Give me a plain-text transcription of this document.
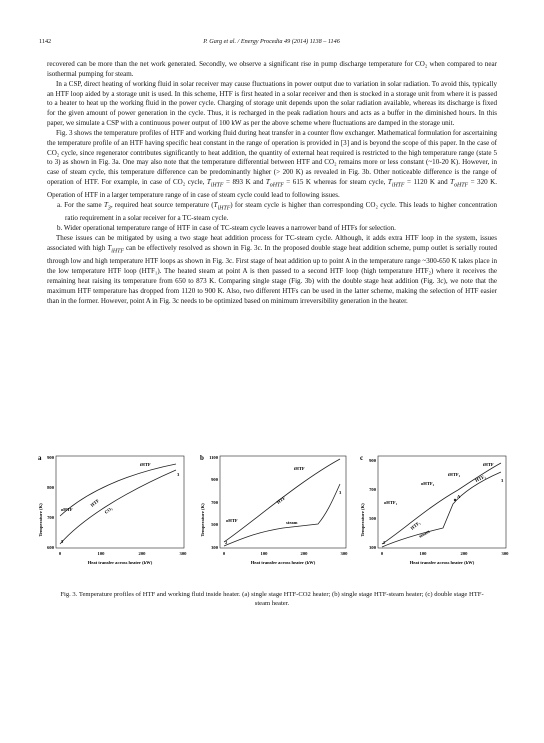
1142	P. Garg et al. / Energy Procedia 49 (2014) 1138 – 1146

recovered can be more than the net work generated. Secondly, we observe a significant rise in pump discharge temperature for CO₂ when compared to near isothermal pumping for steam.

In a CSP, direct heating of working fluid in solar receiver may cause fluctuations in power output due to variation in solar radiation. To avoid this, typically an HTF loop aided by a storage unit is used. In this scheme, HTF is first heated in a solar receiver and then is stocked in a storage unit from where it is passed to a heater to heat up the working fluid in the power cycle. Charging of storage unit depends upon the solar radiation available, whereas its discharge is fixed for the given amount of power generation in the cycle. Thus, it is recharged in the peak radiation hours and acts as a buffer in the diminished hours. In this paper, we simulate a CSP with a continuous power output of 100 kW as per the above scheme where fluctuations are damped in the storage unit.

Fig. 3 shows the temperature profiles of HTF and working fluid during heat transfer in a counter flow exchanger. Mathematical formulation for ascertaining the temperature profile of an HTF having specific heat constant in the range of operation is provided in [3] and is beyond the scope of this paper. In the case of CO₂ cycle, since regenerator contributes significantly to heat addition, the quantity of external heat required is restricted to the high temperature range (state 5 to 3) as shown in Fig. 3a. One may also note that the temperature differential between HTF and CO₂ remains more or less constant (~10-20 K). However, in case of steam cycle, this temperature difference can be predominantly higher (> 200 K) as revealed in Fig. 3b. Other noticeable difference is the range of operation of HTF. For example, in case of CO₂ cycle, $T_{iHTF} = 893$ K and $T_{oHTF} = 615$ K whereas for steam cycle, $T_{iHTF} = 1120$ K and $T_{oHTF} = 320$ K. Operation of HTF in a larger temperature range of in case of steam cycle could lead to following issues.

a. For the same $T_3$, required heat source temperature $(T_{iHTF})$ for steam cycle is higher than corresponding CO₂ cycle. This leads to higher concentration ratio requirement in a solar receiver for a TC-steam cycle.

b. Wider operational temperature range of HTF in case of TC-steam cycle leaves a narrower band of HTFs for selection.

These issues can be mitigated by using a two stage heat addition process for TC-steam cycle. Although, it adds extra HTF loop in the system, issues associated with high $T_{iHTF}$ can be effectively resolved as shown in Fig. 3c. In the proposed double stage heat addition scheme, pump outlet is serially routed through low and high temperature HTF loops as shown in Fig. 3c. First stage of heat addition up to point A in the temperature range ~300-650 K takes place in the low temperature HTF loop (HTF₁). The heated steam at point A is then passed to a second HTF loop (high temperature HTF₂) where it receives the remaining heat raising its temperature from 650 to 873 K. Comparing single stage (Fig. 3b) with the double stage heat addition (Fig. 3c), we note that the maximum HTF temperature has dropped from 1120 to 900 K. Also, two different HTFs can be used in the latter scheme, making the selection of HTF easier than in the former. However, point A in Fig. 3c needs to be optimized based on minimum irreversibility generation in the heater.

a
Temperature (K)
900
800
700
600
0	100	200	300
Heat transfer across heater (kW)
iHTF
oHTF
HTF
CO₂
3
5
b
Temperature (K)
1100
900
700
500
300
0	100	200	300
Heat transfer across heater (kW)
iHTF
oHTF
HTF
steam
3
2
c
Temperature (K)
900
700
500
300
0	100	200	300
Heat transfer across heater (kW)
iHTF₂
oHTF₂
iHTF
oHTF₁
HTF₂
HTF₁
steam
A
3
2
Fig. 3. Temperature profiles of HTF and working fluid inside heater. (a) single stage HTF-CO2 heater; (b) single stage HTF-steam heater; (c) double stage HTF-steam heater.
